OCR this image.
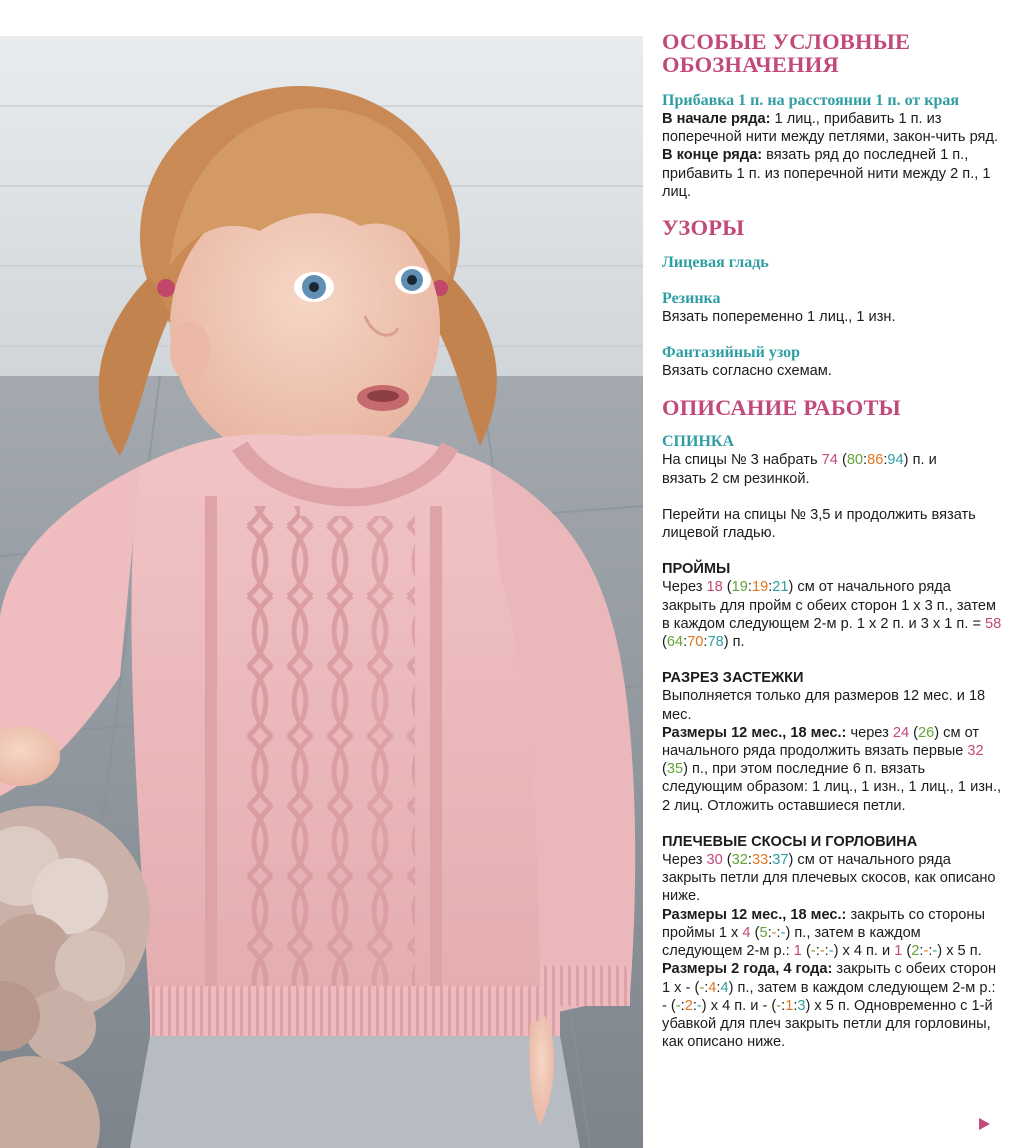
ОСОБЫЕ УСЛОВНЫЕ
ОБОЗНАЧЕНИЯ
Прибавка 1 п. на расстоянии 1 п. от края

В начале ряда: 1 лиц., прибавить 1 п. из поперечной нити между петлями, закон-чить ряд.

В конце ряда: вязать ряд до последней 1 п., прибавить 1 п. из поперечной нити между 2 п., 1 лиц.

УЗОРЫ
Лицевая гладь
Резинка

Вязать попеременно 1 лиц., 1 изн.

Фантазийный узор

Вязать согласно схемам.

ОПИСАНИЕ РАБОТЫ
СПИНКА

На спицы № 3 набрать 74 (80:86:94) п. и
вязать 2 см резинкой.

Перейти на спицы № 3,5 и продолжить вязать лицевой гладью.

ПРОЙМЫ

Через 18 (19:19:21) см от начального ряда закрыть для пройм с обеих сторон 1 х 3 п., затем в каждом следующем 2-м р. 1 х 2 п. и 3 х 1 п. = 58 (64:70:78) п.

РАЗРЕЗ ЗАСТЕЖКИ

Выполняется только для размеров 12 мес. и 18 мес.

Размеры 12 мес., 18 мес.: через 24 (26) см от начального ряда продолжить вязать первые 32 (35) п., при этом последние 6 п. вязать следующим образом: 1 лиц., 1 изн., 1 лиц., 1 изн., 2 лиц. Отложить оставшиеся петли.

ПЛЕЧЕВЫЕ СКОСЫ И ГОРЛОВИНА

Через 30 (32:33:37) см от начального ряда закрыть петли для плечевых скосов, как описано ниже.

Размеры 12 мес., 18 мес.: закрыть со стороны проймы 1 х 4 (5:-:-) п., затем в каждом следующем 2-м р.: 1 (-:-:-) х 4 п. и 1 (2:-:-) х 5 п.

Размеры 2 года, 4 года: закрыть с обеих сторон 1 х - (-:4:4) п., затем в каждом следующем 2-м р.: - (-:2:-) х 4 п. и - (-:1:3) х 5 п. Одновременно с 1-й убавкой для плеч закрыть петли для горловины, как описано ниже.
